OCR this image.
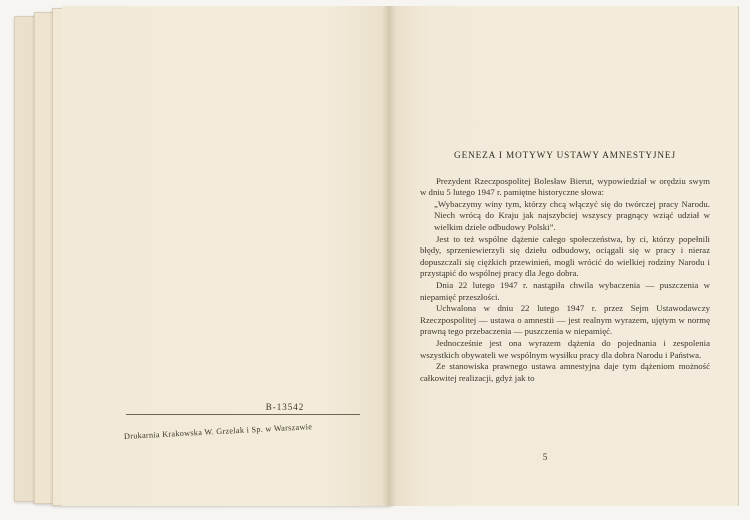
B-13542
Drukarnia Krakowska W. Grzelak i Sp. w Warszawie
GENEZA I MOTYWY USTAWY AMNESTYJNEJ

Prezydent Rzeczpospolitej Bolesław Bierut, wypowiedział w orędziu swym w dniu 5 lutego 1947 r. pamiętne historyczne słowa:

„Wybaczymy winy tym, którzy chcą włączyć się do twórczej pracy Narodu. Niech wrócą do Kraju jak najszybciej wszyscy pragnący wziąć udział w wielkim dziele odbudowy Polski”.

Jest to też wspólne dążenie całego społeczeństwa, by ci, którzy popełnili błędy, sprzeniewierzyli się dziełu odbudowy, ociągali się w pracy i nieraz dopuszczali się ciężkich przewinień, mogli wrócić do wielkiej rodziny Narodu i przystąpić do wspólnej pracy dla Jego dobra.

Dnia 22 lutego 1947 r. nastąpiła chwila wybaczenia — puszczenia w niepamięć przeszłości.

Uchwalona w dniu 22 lutego 1947 r. przez Sejm Ustawodawczy Rzeczpospolitej — ustawa o amnestii — jest realnym wyrazem, ujętym w normę prawną tego przebaczenia — puszczenia w niepamięć.

Jednocześnie jest ona wyrazem dążenia do pojednania i zespolenia wszystkich obywateli we wspólnym wysiłku pracy dla dobra Narodu i Państwa.

Ze stanowiska prawnego ustawa amnestyjna daje tym dążeniom możność całkowitej realizacji, gdyż jak to

5
